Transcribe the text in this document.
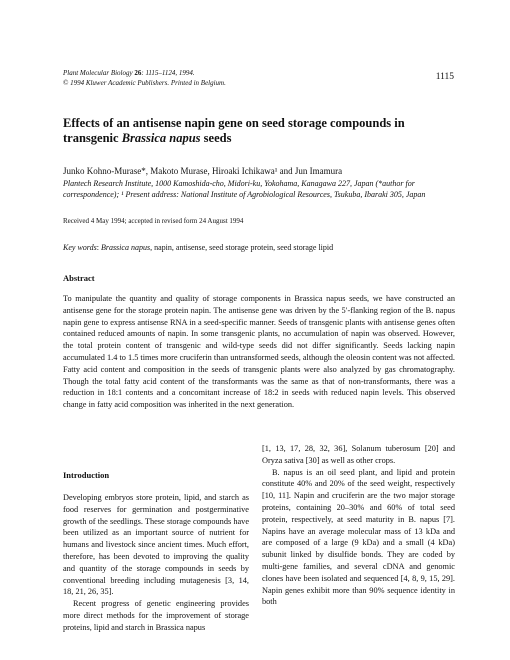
Plant Molecular Biology 26: 1115–1124, 1994.
© 1994 Kluwer Academic Publishers. Printed in Belgium.
1115
Effects of an antisense napin gene on seed storage compounds in transgenic Brassica napus seeds
Junko Kohno-Murase*, Makoto Murase, Hiroaki Ichikawa¹ and Jun Imamura
Plantech Research Institute, 1000 Kamoshida-cho, Midori-ku, Yokohama, Kanagawa 227, Japan (*author for correspondence); ¹ Present address: National Institute of Agrobiological Resources, Tsukuba, Ibaraki 305, Japan
Received 4 May 1994; accepted in revised form 24 August 1994
Key words: Brassica napus, napin, antisense, seed storage protein, seed storage lipid
Abstract

To manipulate the quantity and quality of storage components in Brassica napus seeds, we have constructed an antisense gene for the storage protein napin. The antisense gene was driven by the 5′-flanking region of the B. napus napin gene to express antisense RNA in a seed-specific manner. Seeds of transgenic plants with antisense genes often contained reduced amounts of napin. In some transgenic plants, no accumulation of napin was observed. However, the total protein content of transgenic and wild-type seeds did not differ significantly. Seeds lacking napin accumulated 1.4 to 1.5 times more cruciferin than untransformed seeds, although the oleosin content was not affected. Fatty acid content and composition in the seeds of transgenic plants were also analyzed by gas chromatography. Though the total fatty acid content of the transformants was the same as that of non-transformants, there was a reduction in 18:1 contents and a concomitant increase of 18:2 in seeds with reduced napin levels. This observed change in fatty acid composition was inherited in the next generation.

Introduction

Developing embryos store protein, lipid, and starch as food reserves for germination and postgerminative growth of the seedlings. These storage compounds have been utilized as an important source of nutrient for humans and livestock since ancient times. Much effort, therefore, has been devoted to improving the quality and quantity of the storage compounds in seeds by conventional breeding including mutagenesis [3, 14, 18, 21, 26, 35].

Recent progress of genetic engineering provides more direct methods for the improvement of storage proteins, lipid and starch in Brassica napus

[1, 13, 17, 28, 32, 36], Solanum tuberosum [20] and Oryza sativa [30] as well as other crops.

B. napus is an oil seed plant, and lipid and protein constitute 40% and 20% of the seed weight, respectively [10, 11]. Napin and cruciferin are the two major storage proteins, containing 20–30% and 60% of total seed protein, respectively, at seed maturity in B. napus [7]. Napins have an average molecular mass of 13 kDa and are composed of a large (9 kDa) and a small (4 kDa) subunit linked by disulfide bonds. They are coded by multi-gene families, and several cDNA and genomic clones have been isolated and sequenced [4, 8, 9, 15, 29]. Napin genes exhibit more than 90% sequence identity in both
